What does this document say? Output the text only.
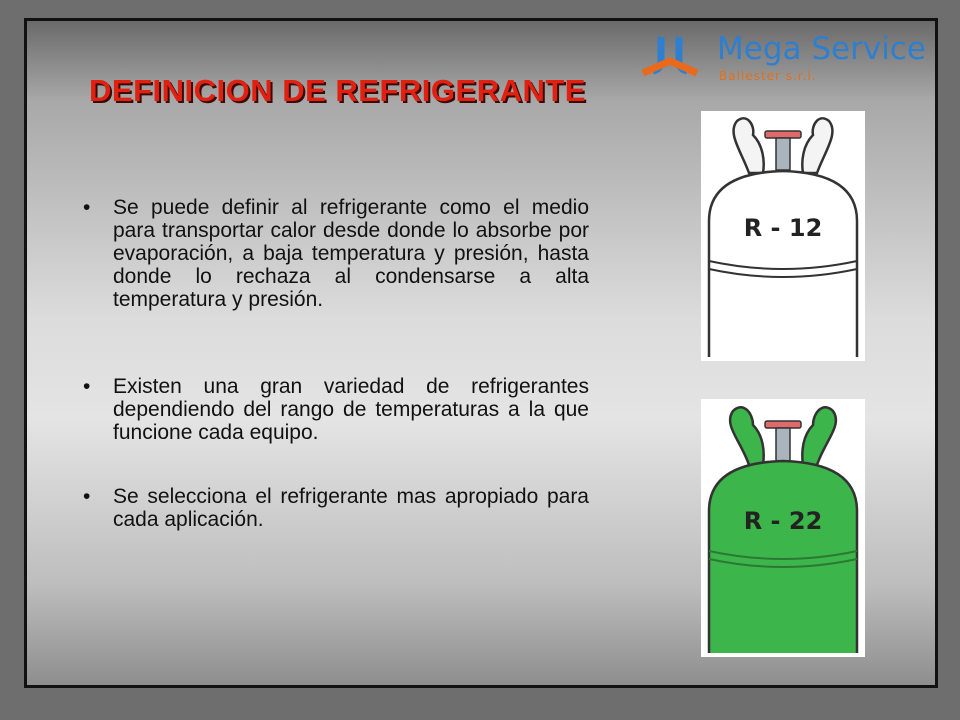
DEFINICION DE REFRIGERANTE
Mega Service
Ballester s.r.l.
• Se puede definir al refrigerante como el medio para transportar calor desde donde lo absorbe por evaporación, a baja temperatura y presión, hasta donde lo rechaza al condensarse a alta temperatura y presión.
• Existen una gran variedad de refrigerantes dependiendo del rango de temperaturas a la que funcione cada equipo.
• Se selecciona el refrigerante mas apropiado para cada aplicación.
R - 12
R - 22
